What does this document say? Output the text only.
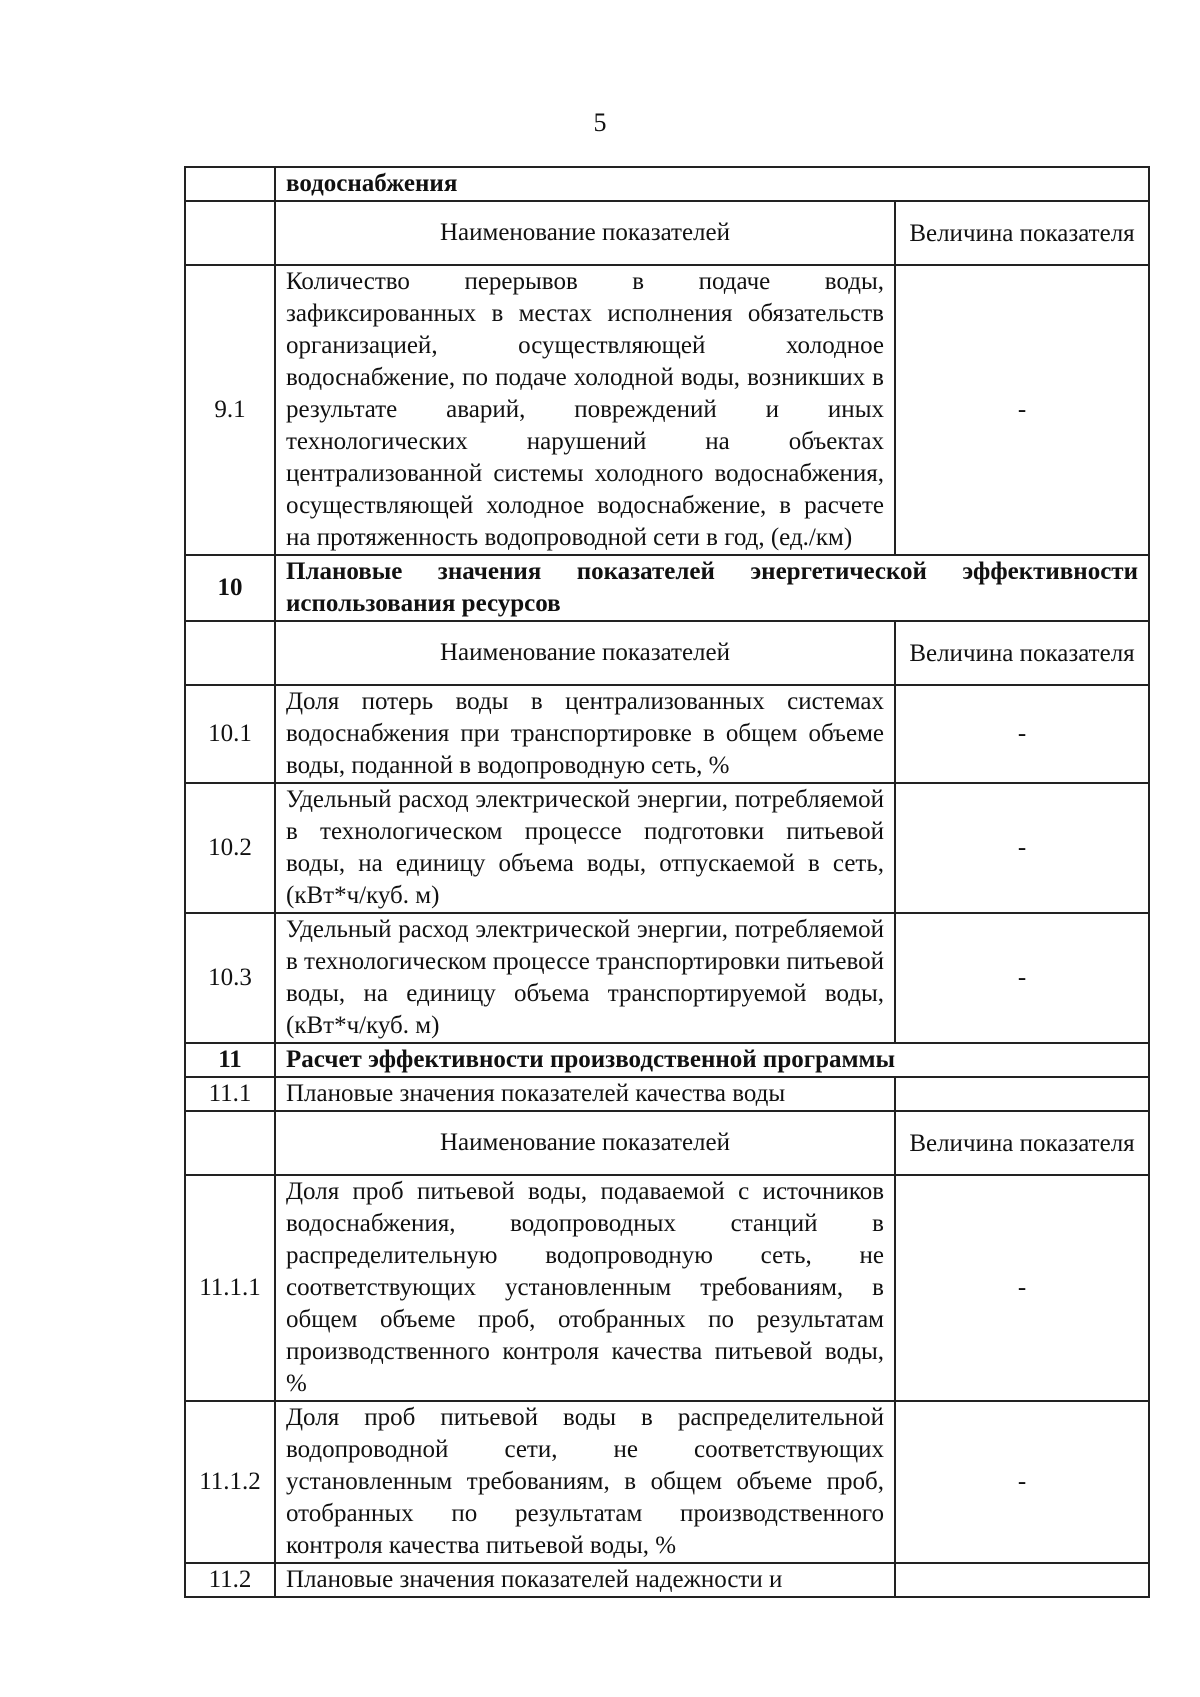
5
	водоснабжения	
	Наименование показателей	Величина показателя
9.1	Количество перерывов в подаче воды, зафиксированных в местах исполнения обязательств организацией, осуществляющей холодное водоснабжение, по подаче холодной воды, возникших в результате аварий, повреждений и иных технологических нарушений на объектах централизованной системы холодного водоснабжения, осуществляющей холодное водоснабжение, в расчете на протяженность водопроводной сети в год, (ед./км)	-
10	Плановые значения показателей энергетической эффективности использования ресурсов	
	Наименование показателей	Величина показателя
10.1	Доля потерь воды в централизованных системах водоснабжения при транспортировке в общем объеме воды, поданной в водопроводную сеть, %	-
10.2	Удельный расход электрической энергии, потребляемой в технологическом процессе подготовки питьевой воды, на единицу объема воды, отпускаемой в сеть, (кВт*ч/куб. м)	-
10.3	Удельный расход электрической энергии, потребляемой в технологическом процессе транспортировки питьевой воды, на единицу объема транспортируемой воды, (кВт*ч/куб. м)	-
11	Расчет эффективности производственной программы	
11.1	Плановые значения показателей качества воды	
	Наименование показателей	Величина показателя
11.1.1	Доля проб питьевой воды, подаваемой с источников водоснабжения, водопроводных станций в распределительную водопроводную сеть, не соответствующих установленным требованиям, в общем объеме проб, отобранных по результатам производственного контроля качества питьевой воды, %	-
11.1.2	Доля проб питьевой воды в распределительной водопроводной сети, не соответствующих установленным требованиям, в общем объеме проб, отобранных по результатам производственного контроля качества питьевой воды, %	-
11.2	Плановые значения показателей надежности и	
